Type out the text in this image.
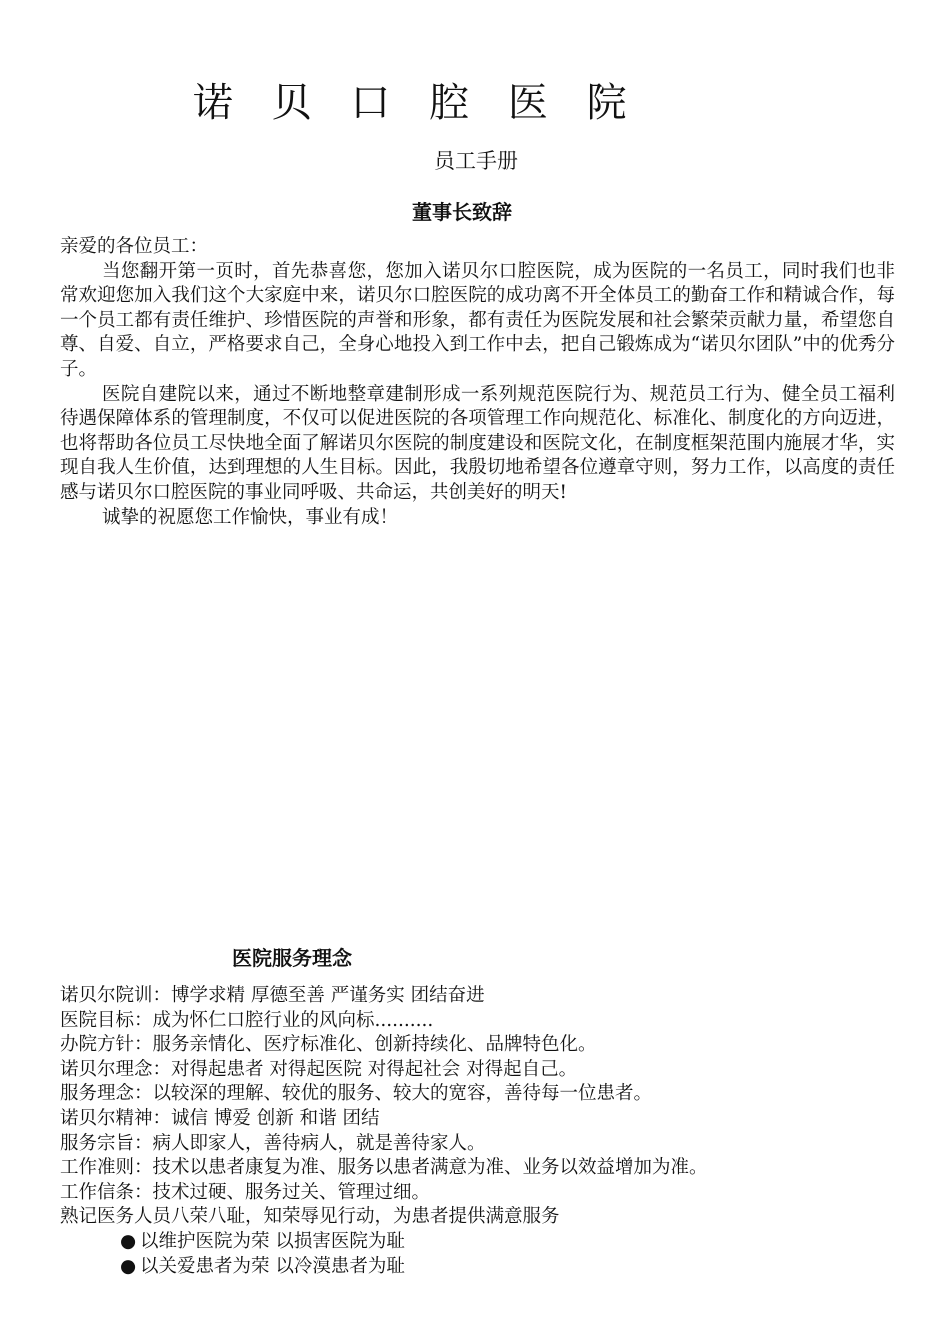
诺 贝 口 腔 医 院
员工手册
董事长致辞

亲爱的各位员工：

当您翻开第一页时，首先恭喜您，您加入诺贝尔口腔医院，成为医院的一名员工，同时我们也非常欢迎您加入我们这个大家庭中来，诺贝尔口腔医院的成功离不开全体员工的勤奋工作和精诚合作，每一个员工都有责任维护、珍惜医院的声誉和形象，都有责任为医院发展和社会繁荣贡献力量，希望您自尊、自爱、自立，严格要求自己，全身心地投入到工作中去，把自己锻炼成为“诺贝尔团队”中的优秀分子。

医院自建院以来，通过不断地整章建制形成一系列规范医院行为、规范员工行为、健全员工福利待遇保障体系的管理制度，不仅可以促进医院的各项管理工作向规范化、标准化、制度化的方向迈进，也将帮助各位员工尽快地全面了解诺贝尔医院的制度建设和医院文化，在制度框架范围内施展才华，实现自我人生价值，达到理想的人生目标。因此，我殷切地希望各位遵章守则，努力工作，以高度的责任感与诺贝尔口腔医院的事业同呼吸、共命运，共创美好的明天!

诚挚的祝愿您工作愉快，事业有成！

医院服务理念
诺贝尔院训：博学求精 厚德至善 严谨务实 团结奋进
医院目标：成为怀仁口腔行业的风向标..........
办院方针：服务亲情化、医疗标准化、创新持续化、品牌特色化。
诺贝尔理念：对得起患者 对得起医院 对得起社会 对得起自己。
服务理念：以较深的理解、较优的服务、较大的宽容，善待每一位患者。
诺贝尔精神：诚信 博爱 创新 和谐 团结
服务宗旨：病人即家人，善待病人，就是善待家人。
工作准则：技术以患者康复为准、服务以患者满意为准、业务以效益增加为准。
工作信条：技术过硬、服务过关、管理过细。
熟记医务人员八荣八耻，知荣辱见行动，为患者提供满意服务
● 以维护医院为荣 以损害医院为耻
● 以关爱患者为荣 以冷漠患者为耻
